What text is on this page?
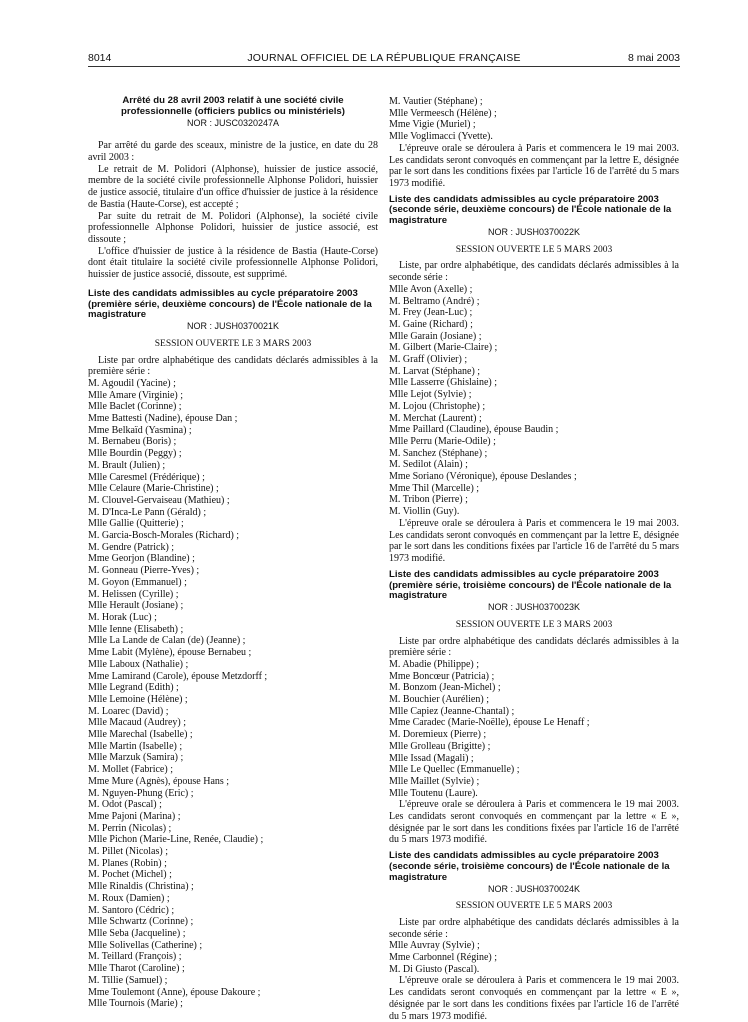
8014	JOURNAL OFFICIEL DE LA RÉPUBLIQUE FRANÇAISE	8 mai 2003

Arrêté du 28 avril 2003 relatif à une société civile professionnelle (officiers publics ou ministériels)

NOR : JUSC0320247A

Par arrêté du garde des sceaux, ministre de la justice, en date du 28 avril 2003 :

Le retrait de M. Polidori (Alphonse), huissier de justice associé, membre de la société civile professionnelle Alphonse Polidori, huissier de justice associé, titulaire d'un office d'huissier de justice à la résidence de Bastia (Haute-Corse), est accepté ;

Par suite du retrait de M. Polidori (Alphonse), la société civile professionnelle Alphonse Polidori, huissier de justice associé, est dissoute ;

L'office d'huissier de justice à la résidence de Bastia (Haute-Corse) dont était titulaire la société civile professionnelle Alphonse Polidori, huissier de justice associé, dissoute, est supprimé.

Liste des candidats admissibles au cycle préparatoire 2003 (première série, deuxième concours) de l'École nationale de la magistrature

NOR : JUSH0370021K

SESSION OUVERTE LE 3 MARS 2003

Liste par ordre alphabétique des candidats déclarés admissibles à la première série :

M. Agoudil (Yacine) ;
Mlle Amare (Virginie) ;
Mlle Baclet (Corinne) ;
Mme Battesti (Nadine), épouse Dan ;
Mme Belkaïd (Yasmina) ;
M. Bernabeu (Boris) ;
Mlle Bourdin (Peggy) ;
M. Brault (Julien) ;
Mlle Caresmel (Frédérique) ;
Mlle Celaure (Marie-Christine) ;
M. Clouvel-Gervaiseau (Mathieu) ;
M. D'Inca-Le Pann (Gérald) ;
Mlle Gallie (Quitterie) ;
M. Garcia-Bosch-Morales (Richard) ;
M. Gendre (Patrick) ;
Mme Georjon (Blandine) ;
M. Gonneau (Pierre-Yves) ;
M. Goyon (Emmanuel) ;
M. Helissen (Cyrille) ;
Mlle Herault (Josiane) ;
M. Horak (Luc) ;
Mlle Ienne (Elisabeth) ;
Mlle La Lande de Calan (de) (Jeanne) ;
Mme Labit (Mylène), épouse Bernabeu ;
Mlle Laboux (Nathalie) ;
Mme Lamirand (Carole), épouse Metzdorff ;
Mlle Legrand (Edith) ;
Mlle Lemoine (Hélène) ;
M. Loarec (David) ;
Mlle Macaud (Audrey) ;
Mlle Marechal (Isabelle) ;
Mlle Martin (Isabelle) ;
Mlle Marzuk (Samira) ;
M. Mollet (Fabrice) ;
Mme Mure (Agnès), épouse Hans ;
M. Nguyen-Phung (Eric) ;
M. Odot (Pascal) ;
Mme Pajoni (Marina) ;
M. Perrin (Nicolas) ;
Mlle Pichon (Marie-Line, Renée, Claudie) ;
M. Pillet (Nicolas) ;
M. Planes (Robin) ;
M. Pochet (Michel) ;
Mlle Rinaldis (Christina) ;
M. Roux (Damien) ;
M. Santoro (Cédric) ;
Mlle Schwartz (Corinne) ;
Mlle Seba (Jacqueline) ;
Mlle Solivellas (Catherine) ;
M. Teillard (François) ;
Mlle Tharot (Caroline) ;
M. Tillie (Samuel) ;
Mme Toulemont (Anne), épouse Dakoure ;
Mlle Tournois (Marie) ;
M. Vautier (Stéphane) ;
Mlle Vermeesch (Hélène) ;
Mme Vigie (Muriel) ;
Mlle Voglimacci (Yvette).

L'épreuve orale se déroulera à Paris et commencera le 19 mai 2003. Les candidats seront convoqués en commençant par la lettre E, désignée par le sort dans les conditions fixées par l'article 16 de l'arrêté du 5 mars 1973 modifié.

Liste des candidats admissibles au cycle préparatoire 2003 (seconde série, deuxième concours) de l'École nationale de la magistrature

NOR : JUSH0370022K

SESSION OUVERTE LE 5 MARS 2003

Liste, par ordre alphabétique, des candidats déclarés admissibles à la seconde série :

Mlle Avon (Axelle) ;
M. Beltramo (André) ;
M. Frey (Jean-Luc) ;
M. Gaine (Richard) ;
Mlle Garain (Josiane) ;
M. Gilbert (Marie-Claire) ;
M. Graff (Olivier) ;
M. Larvat (Stéphane) ;
Mlle Lasserre (Ghislaine) ;
Mlle Lejot (Sylvie) ;
M. Lojou (Christophe) ;
M. Merchat (Laurent) ;
Mme Paillard (Claudine), épouse Baudin ;
Mlle Perru (Marie-Odile) ;
M. Sanchez (Stéphane) ;
M. Sedilot (Alain) ;
Mme Soriano (Véronique), épouse Deslandes ;
Mme Thil (Marcelle) ;
M. Tribon (Pierre) ;
M. Viollin (Guy).

L'épreuve orale se déroulera à Paris et commencera le 19 mai 2003. Les candidats seront convoqués en commençant par la lettre E, désignée par le sort dans les conditions fixées par l'article 16 de l'arrêté du 5 mars 1973 modifié.

Liste des candidats admissibles au cycle préparatoire 2003 (première série, troisième concours) de l'École nationale de la magistrature

NOR : JUSH0370023K

SESSION OUVERTE LE 3 MARS 2003

Liste par ordre alphabétique des candidats déclarés admissibles à la première série :

M. Abadie (Philippe) ;
Mme Boncœur (Patricia) ;
M. Bonzom (Jean-Michel) ;
M. Bouchier (Aurélien) ;
Mlle Capiez (Jeanne-Chantal) ;
Mme Caradec (Marie-Noëlle), épouse Le Henaff ;
M. Doremieux (Pierre) ;
Mlle Grolleau (Brigitte) ;
Mlle Issad (Magali) ;
Mlle Le Quellec (Emmanuelle) ;
Mlle Maillet (Sylvie) ;
Mlle Toutenu (Laure).

L'épreuve orale se déroulera à Paris et commencera le 19 mai 2003. Les candidats seront convoqués en commençant par la lettre « E », désignée par le sort dans les conditions fixées par l'article 16 de l'arrêté du 5 mars 1973 modifié.

Liste des candidats admissibles au cycle préparatoire 2003 (seconde série, troisième concours) de l'École nationale de la magistrature

NOR : JUSH0370024K

SESSION OUVERTE LE 5 MARS 2003

Liste par ordre alphabétique des candidats déclarés admissibles à la seconde série :

Mlle Auvray (Sylvie) ;
Mme Carbonnel (Régine) ;
M. Di Giusto (Pascal).

L'épreuve orale se déroulera à Paris et commencera le 19 mai 2003. Les candidats seront convoqués en commençant par la lettre « E », désignée par le sort dans les conditions fixées par l'article 16 de l'arrêté du 5 mars 1973 modifié.
